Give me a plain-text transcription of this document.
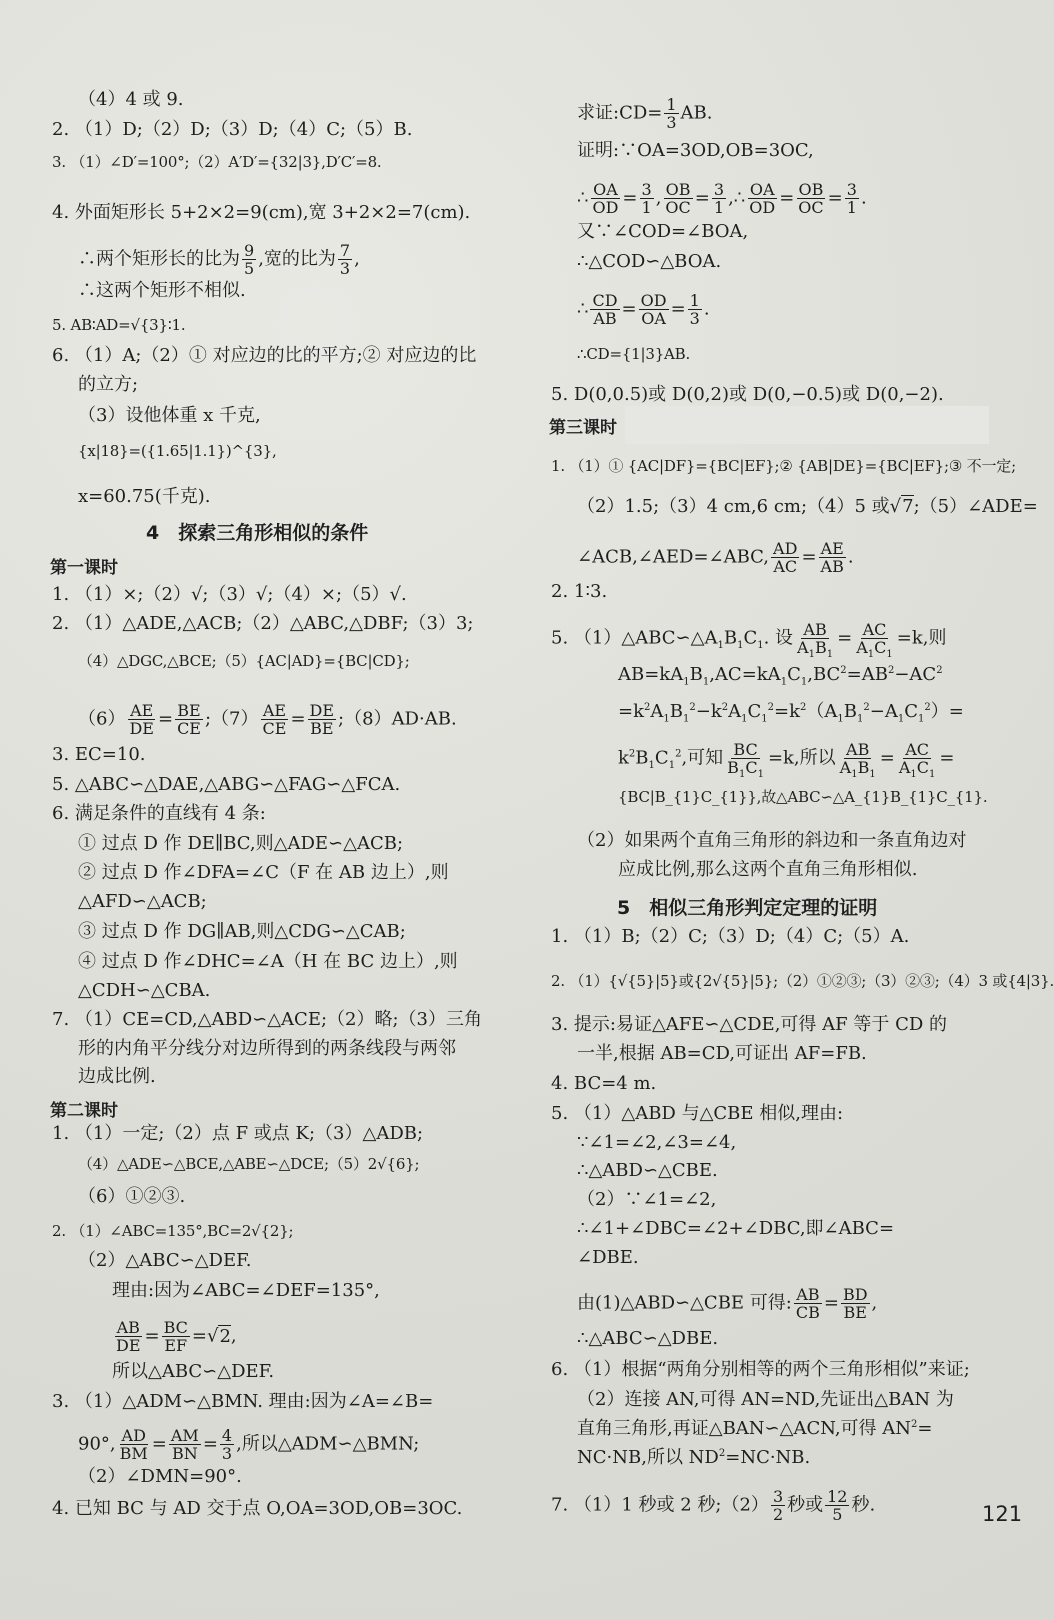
（4）4 或 9.
2. （1）D;（2）D;（3）D;（4）C;（5）B.
3. （1）∠D′=100°;（2）A′D′={32|3},D′C′=8.
4. 外面矩形长 5+2×2=9(cm),宽 3+2×2=7(cm).
∴两个矩形长的比为 $\frac{9}{5}$ ,宽的比为 $\frac{7}{3}$ ,
∴这两个矩形不相似.
5. AB∶AD=√{3}∶1.
6. （1）A;（2）① 对应边的比的平方;② 对应边的比
的立方;
（3）设他体重 x 千克,
{x|18}=({1.65|1.1})^{3},
x=60.75(千克).
1. （1）×;（2）√;（3）√;（4）×;（5）√.
2. （1）△ADE,△ACB;（2）△ABC,△DBF;（3）3;
（4）△DGC,△BCE;（5）{AC|AD}={BC|CD};
$(6) \frac{AE}{DE} = \frac{BE}{CE}$ ;（7） $\frac{AE}{CE} = \frac{DE}{BE}$ ;（8）AD·AB.
3. EC=10.
5. △ABC∽△DAE,△ABG∽△FAG∽△FCA.
6. 满足条件的直线有 4 条:
① 过点 D 作 DE∥BC,则△ADE∽△ACB;
② 过点 D 作∠DFA=∠C（F 在 AB 边上）,则
△AFD∽△ACB;
③ 过点 D 作 DG∥AB,则△CDG∽△CAB;
④ 过点 D 作∠DHC=∠A（H 在 BC 边上）,则
△CDH∽△CBA.
7. （1）CE=CD,△ABD∽△ACE;（2）略;（3）三角
形的内角平分线分对边所得到的两条线段与两邻
边成比例.
1. （1）一定;（2）点 F 或点 K;（3）△ADB;
（4）△ADE∽△BCE,△ABE∽△DCE;（5）2√{6};
（6）①②③.
2. （1）∠ABC=135°,BC=2√{2};
（2）△ABC∽△DEF.
理由:因为∠ABC=∠DEF=135°,
$\frac{AB}{DE} = \frac{BC}{EF} =√2$,
所以△ABC∽△DEF.
3. （1）△ADM∽△BMN. 理由:因为∠A=∠B=
90°, $\frac{AD}{BM} = \frac{AM}{BN} = \frac{4}{3}$ ,所以△ADM∽△BMN;
（2）∠DMN=90°.
4. 已知 BC 与 AD 交于点 O,OA=3OD,OB=3OC.
求证:CD= $\frac{1}{3}$ AB.
证明:∵OA=3OD,OB=3OC,
∴ $\frac{OA}{OD} = \frac{3}{1}$ , $\frac{OB}{OC} = \frac{3}{1}$ ,∴ $\frac{OA}{OD} = \frac{OB}{OC} = \frac{3}{1}$ .
又∵∠COD=∠BOA,
∴△COD∽△BOA.
∴ $\frac{CD}{AB} = \frac{OD}{OA} = \frac{1}{3}$ .
∴CD={1|3}AB.
5. D(0,0.5)或 D(0,2)或 D(0,−0.5)或 D(0,−2).
1. （1）① {AC|DF}={BC|EF};② {AB|DE}={BC|EF};③ 不一定;
（2）1.5;（3）4 cm,6 cm;（4）5 或√7;（5）∠ADE=
∠ACB,∠AED=∠ABC, $\frac{AD}{AC} = \frac{AE}{AB}$ .
2. 1∶3.
5. $(1)\triangle ABC∽\triangle A_1B_1C_1$. 设 $\frac{AB}{A_1B_1} = \frac{AC}{A_1C_1} =k$,则
$AB=kA_1B_1,AC=kA_1C_1,BC^2=AB^2-AC^2$
$=k^2A_1B_1^2-k^2A_1C_1^2=k^2(A_1B_1^2-A_1C_1^2)=$
$k^2B_1C_1^2$,可知 $\frac{BC}{B_1C_1} =k$,所以 $\frac{AB}{A_1B_1} = \frac{AC}{A_1C_1}$ =
{BC|B_{1}C_{1}},故△ABC∽△A_{1}B_{1}C_{1}.
（2）如果两个直角三角形的斜边和一条直角边对
应成比例,那么这两个直角三角形相似.
1. （1）B;（2）C;（3）D;（4）C;（5）A.
2. （1）{√{5}|5}或{2√{5}|5};（2）①②③;（3）②③;（4）3 或{4|3}.
3. 提示:易证△AFE∽△CDE,可得 AF 等于 CD 的
一半,根据 AB=CD,可证出 AF=FB.
4. BC=4 m.
5. （1）△ABD 与△CBE 相似,理由:
∵∠1=∠2,∠3=∠4,
∴△ABD∽△CBE.
（2）∵∠1=∠2,
∴∠1+∠DBC=∠2+∠DBC,即∠ABC=
∠DBE.
由(1)△ABD∽△CBE 可得: $\frac{AB}{CB} = \frac{BD}{BE}$ ,
∴△ABC∽△DBE.
6. （1）根据“两角分别相等的两个三角形相似”来证;
（2）连接 AN,可得 AN=ND,先证出△BAN 为
直角三角形,再证△BAN∽△ACN,可得 $AN^2=$
NC·NB,所以 $ND^2=NC\cdot NB$.
7. （1）1 秒或 2 秒;（2） $\frac{3}{2}$ 秒或 $\frac{12}{5}$ 秒.
4　探索三角形相似的条件
第一课时
第二课时
第三课时
5　相似三角形判定定理的证明
121
